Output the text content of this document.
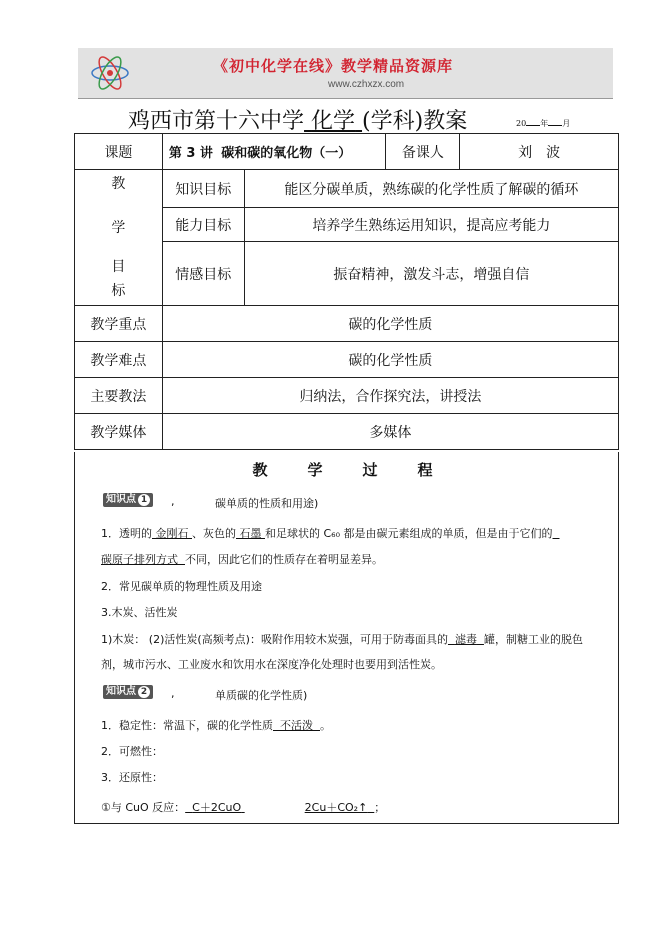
《初中化学在线》教学精品资源库
www.czhxzx.com
鸡西市第十六中学 化学 (学科)教案	20 年 月
课题	第 3 讲 碳和碳的氧化物（一）		备课人	刘　波

教
学
目
标	知识目标	能区分碳单质，熟练碳的化学性质了解碳的循环		
	能力目标	培养学生熟练运用知识，提高应考能力		
	情感目标	振奋精神，激发斗志，增强自信		
教学重点	碳的化学性质			
教学难点	碳的化学性质			
主要教法	归纳法，合作探究法，讲授法			
教学媒体	多媒体			
教 学 过 程
知识点 1	,	碳单质的性质和用途)
1．透明的 金刚石 、灰色的 石墨 和足球状的 C₆₀ 都是由碳元素组成的单质，但是由于它们的
碳原子排列方式 不同，因此它们的性质存在着明显差异。
2．常见碳单质的物理性质及用途
3.木炭、活性炭
1)木炭： (2)活性炭(高频考点)：吸附作用较木炭强，可用于防毒面具的 滤毒 罐，制糖工业的脱色
剂，城市污水、工业废水和饮用水在深度净化处理时也要用到活性炭。
知识点 2	,	单质碳的化学性质)
1．稳定性：常温下，碳的化学性质 不活泼 。
2．可燃性：
3．还原性：
①与 CuO 反应： C＋2CuO	2Cu＋CO₂↑ ；
